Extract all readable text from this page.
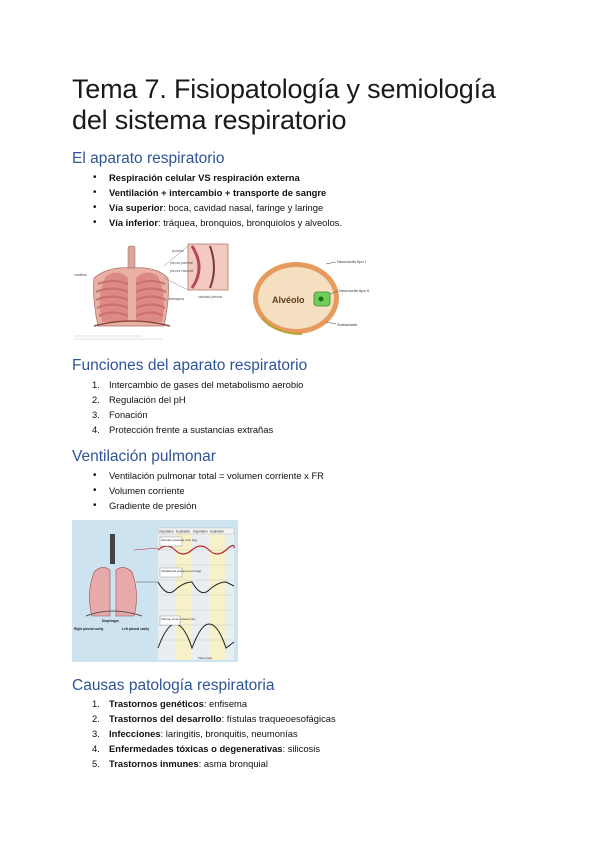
Tema 7. Fisiopatología y semiología del sistema respiratorio
El aparato respiratorio
• Respiración celular VS respiración externa
• Ventilación + intercambio + transporte de sangre
• Vía superior: boca, cavidad nasal, faringe y laringe
• Vía inferior: tráquea, bronquios, bronquiolos y alveolos.
pulmón
pleura parietal
pleura visceral
diafragma	cavidad pleural
costillas
Alvéolo
Neumocito tipo I
Neumocito tipo II
Surfactante
Funciones del aparato respiratorio
1. Intercambio de gases del metabolismo aerobio
2. Regulación del pH
3. Fonación
4. Protección frente a sustancias extrañas
Ventilación pulmonar
• Ventilación pulmonar total = volumen corriente x FR
• Volumen corriente
• Gradiente de presión
Inspiration Expiration Inspiration Expiration
Alveolar pressure (mm Hg)
Intrapleural pressure (mm Hg)
Volume of air moved (mL)
Time (sec)
Diaphragm
Right pleural cavity	Left pleural cavity
Causas patología respiratoria
1. Trastornos genéticos: enfisema
2. Trastornos del desarrollo: fístulas traqueoesofágicas
3. Infecciones: laringitis, bronquitis, neumonías
4. Enfermedades tóxicas o degenerativas: silicosis
5. Trastornos inmunes: asma bronquial
